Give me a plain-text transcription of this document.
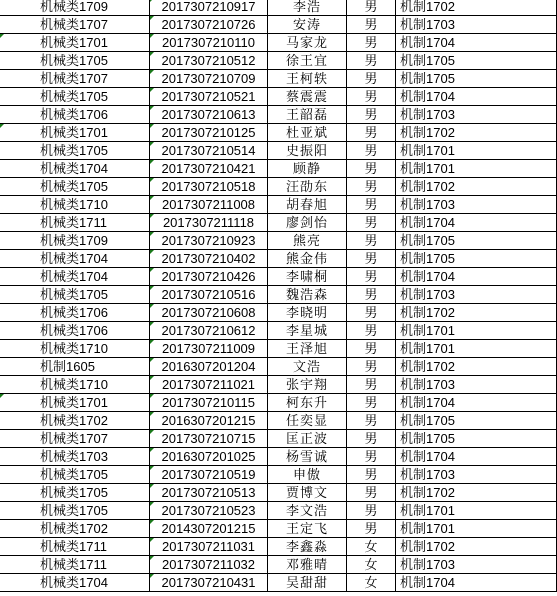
机械类1709	2017307210917	李浩	男	机制1702
机械类1707	2017307210726	安涛	男	机制1703
机械类1701	2017307210110	马家龙	男	机制1704
机械类1705	2017307210512	徐王宜	男	机制1705
机械类1707	2017307210709	王柯轶	男	机制1705
机械类1705	2017307210521	蔡震震	男	机制1704
机械类1706	2017307210613	王韶磊	男	机制1703
机械类1701	2017307210125	杜亚斌	男	机制1702
机械类1705	2017307210514	史振阳	男	机制1701
机械类1704	2017307210421	顾静	男	机制1701
机械类1705	2017307210518	汪劭东	男	机制1702
机械类1710	2017307211008	胡春旭	男	机制1703
机械类1711	2017307211118	廖剑怡	男	机制1704
机械类1709	2017307210923	熊亮	男	机制1705
机械类1704	2017307210402	熊金伟	男	机制1705
机械类1704	2017307210426	李啸桐	男	机制1704
机械类1705	2017307210516	魏浩森	男	机制1703
机械类1706	2017307210608	李晓明	男	机制1702
机械类1706	2017307210612	李星城	男	机制1701
机械类1710	2017307211009	王泽旭	男	机制1701
机制1605	2016307201204	文浩	男	机制1702
机械类1710	2017307211021	张宇翔	男	机制1703
机械类1701	2017307210115	柯东升	男	机制1704
机械类1702	2016307201215	任奕显	男	机制1705
机械类1707	2017307210715	匡正波	男	机制1705
机械类1703	2016307201025	杨雪诚	男	机制1704
机械类1705	2017307210519	申傲	男	机制1703
机械类1705	2017307210513	贾博文	男	机制1702
机械类1705	2017307210523	李文浩	男	机制1701
机械类1702	2014307201215	王定飞	男	机制1701
机械类1711	2017307211031	李鑫淼	女	机制1702
机械类1711	2017307211032	邓雅晴	女	机制1703
机械类1704	2017307210431	吴甜甜	女	机制1704
